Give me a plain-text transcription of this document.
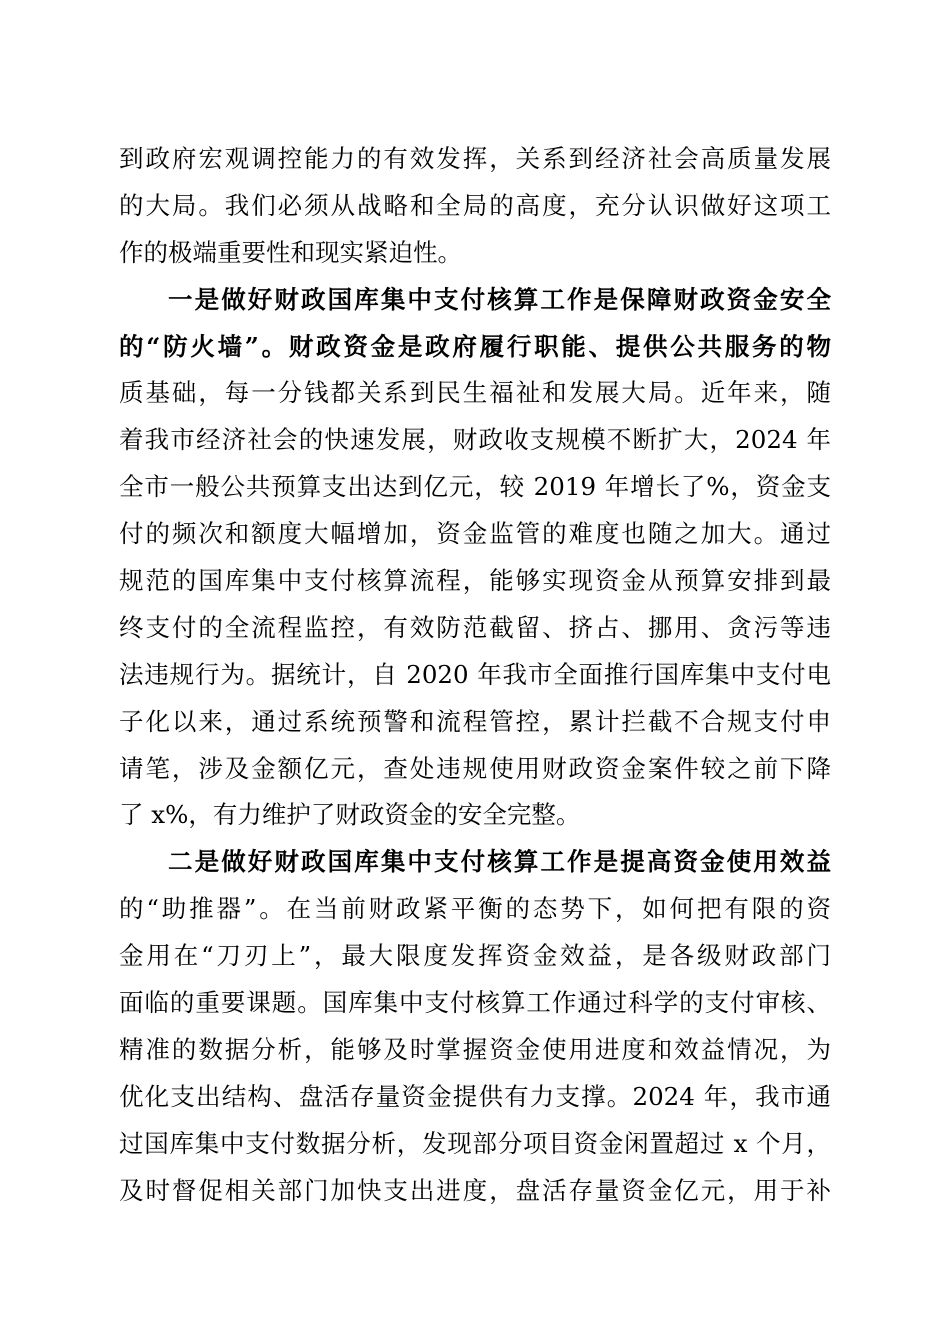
到政府宏观调控能力的有效发挥，关系到经济社会高质量发展
的大局。我们必须从战略和全局的高度，充分认识做好这项工
作的极端重要性和现实紧迫性。
一是做好财政国库集中支付核算工作是保障财政资金安全
的“防火墙”。财政资金是政府履行职能、提供公共服务的物
质基础，每一分钱都关系到民生福祉和发展大局。近年来，随
着我市经济社会的快速发展，财政收支规模不断扩大，2024 年
全市一般公共预算支出达到亿元，较 2019 年增长了%，资金支
付的频次和额度大幅增加，资金监管的难度也随之加大。通过
规范的国库集中支付核算流程，能够实现资金从预算安排到最
终支付的全流程监控，有效防范截留、挤占、挪用、贪污等违
法违规行为。据统计，自 2020 年我市全面推行国库集中支付电
子化以来，通过系统预警和流程管控，累计拦截不合规支付申
请笔，涉及金额亿元，查处违规使用财政资金案件较之前下降
了 x%，有力维护了财政资金的安全完整。
二是做好财政国库集中支付核算工作是提高资金使用效益
的“助推器”。在当前财政紧平衡的态势下，如何把有限的资
金用在“刀刃上”，最大限度发挥资金效益，是各级财政部门
面临的重要课题。国库集中支付核算工作通过科学的支付审核、
精准的数据分析，能够及时掌握资金使用进度和效益情况，为
优化支出结构、盘活存量资金提供有力支撑。2024 年，我市通
过国库集中支付数据分析，发现部分项目资金闲置超过 x 个月，
及时督促相关部门加快支出进度，盘活存量资金亿元，用于补
